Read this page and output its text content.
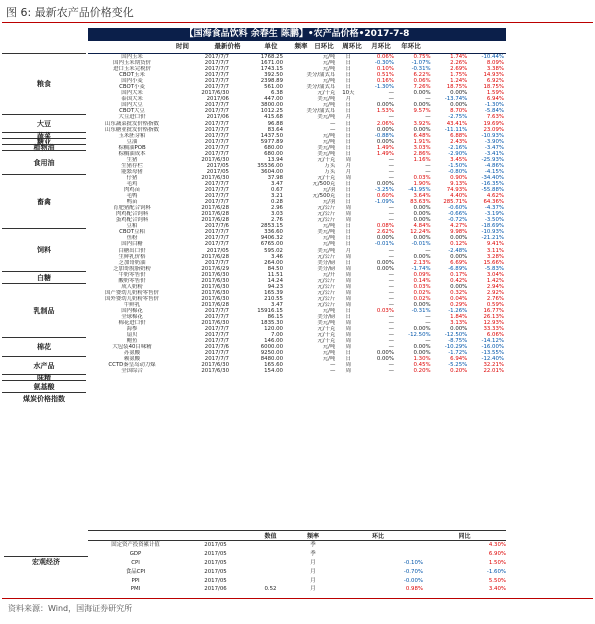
图 6: 最新农产品价格变化
【国海食品饮料 余春生 陈鹏】•农产品价格•2017-7-8
时间	最新价格	单位	频率	日环比	周环比	月环比	年环比
国内玉米	2017/7/7	1768.25	元/吨	日	0.06%	0.75%	1.74%	-10.44%
国内玉米期货价	2017/7/7	1671.00	元/吨	日	-0.30%	-1.07%	2.26%	8.09%
进口玉米完税价	2017/7/7	1743.15	元/吨	日	0.10%	-0.31%	2.69%	3.38%
CBOT玉米	2017/7/7	392.50	美分/蒲式耳	日	0.51%	6.22%	1.75%	14.93%
国内小麦	2017/7/7	2398.89	元/吨	日	0.16%	0.06%	1.24%	6.92%
CBOT小麦	2017/7/7	561.00	美分/蒲式耳	日	-1.30%	7.26%	18.75%	18.75%
国内大米	2017/6/30	6.38	元/千克	10天	—	0.00%	0.00%	1.59%
泰国大米	2017/06	447.00	美元/吨	月	—	—	-13.74%	6.94%
国内大豆	2017/7/7	3800.00	元/吨	日	0.00%	0.00%	0.00%	-1.30%
CBOT大豆	2017/7/7	1012.25	美分/蒲式耳	日	1.53%	9.57%	8.70%	-5.84%
大豆进口价	2017/06	415.68	美元/吨	月	—	—	-2.75%	7.63%
山东蔬菜批发价格指数	2017/7/7	96.88	—	日	2.06%	3.92%	43.41%	19.69%
山东糖业批发价格指数	2017/7/7	83.64	—	日	0.00%	0.00%	-11.11%	23.09%
玉米胚芽粕	2017/7/7	1437.50	元/吨	日	-0.88%	6.48%	6.88%	-10.93%
豆油	2017/7/7	5977.89	元/吨	日	0.00%	1.91%	2.43%	-3.90%
棕榈油POB	2017/7/7	680.00	美元/吨	日	1.49%	3.03%	-2.16%	-3.47%
棕榈油成本	2017/7/7	680.00	美元/吨	日	1.49%	2.86%	-2.90%	-3.41%
生猪	2017/6/30	13.94	元/千克	周	—	1.16%	3.45%	-25.93%
生猪存栏	2017/05	35536.00	万头	月	—	—	-1.50%	-4.86%
能繁母猪	2017/05	3604.00	万头	月	—	—	-0.80%	-4.15%
仔猪	2017/6/30	37.98	元/千克	周	—	0.03%	0.90%	-34.40%
毛鸡	2017/7/7	3.47	元/500克	日	0.00%	1.90%	9.13%	-16.35%
肉鸡苗	2017/7/7	0.67	元/羽	日	-3.25%	-41.95%	74.93%	-55.88%
毛鸭	2017/7/7	3.21	元/500克	日	0.60%	3.64%	4.40%	4.62%
鸭苗	2017/7/7	0.28	元/羽	日	-1.09%	83.63%	285.71%	64.36%
育肥猪配合饲料	2017/6/28	2.96	元/公斤	周	—	0.00%	-0.60%	-4.37%
肉鸡配合饲料	2017/6/28	3.03	元/公斤	周	—	0.00%	-0.66%	-3.19%
蛋鸡配合饲料	2017/6/28	2.76	元/公斤	周	—	0.00%	-0.72%	-3.50%
豆粕	2017/7/6	2853.15	元/吨	日	0.08%	4.84%	4.27%	-18.69%
CBOT豆粕	2017/7/7	336.60	美元/吨	日	2.62%	12.24%	9.98%	-10.93%
鱼粉	2017/7/7	9406.32	元/吨	日	0.00%	0.00%	0.00%	-21.21%
国内白糖	2017/7/7	6765.00	元/吨	日	-0.01%	-0.01%	0.12%	9.41%
白糖出口价	2017/05	595.02	美元/吨	月	—	—	-2.48%	3.11%
生鲜乳价格	2017/6/28	3.46	元/公斤	周	—	0.00%	0.00%	3.28%
芝加哥奶油	2017/7/7	264.00	美分/磅	日	0.00%	2.13%	6.69%	15.66%
芝加哥脱脂奶粉	2017/6/29	84.50	美分/磅	周	0.00%	-1.74%	-6.89%	-5.83%
牛奶零售价	2017/6/30	11.51	元/升	周	—	0.09%	0.17%	3.04%
酸奶零售价	2017/6/30	14.24	元/公斤	周	—	0.14%	0.42%	1.42%
成人奶粉	2017/6/30	94.23	元/公斤	周	—	0.03%	0.00%	2.94%
国产婴幼儿奶粉零售价	2017/6/30	165.39	元/公斤	周	—	0.02%	0.32%	2.92%
国外婴幼儿奶粉零售价	2017/6/30	210.55	元/公斤	周	—	0.02%	0.04%	2.76%
牛鲜乳	2017/6/28	3.47	元/公斤	周	—	0.00%	0.29%	0.59%
国内棉花	2017/7/7	15916.15	元/吨	日	0.03%	-0.31%	-1.26%	16.77%
全球棉花	2017/7/7	86.15	美分/磅	日	—	—	1.84%	26.13%
棉花进口价	2017/6/30	1835.30	美元/吨	周	—	—	3.13%	12.93%
海参	2017/7/7	120.00	元/千克	周	—	0.00%	0.00%	33.33%
扇贝	2017/7/7	7.00	元/千克	周	—	-12.50%	-12.50%	6.06%
鲍鱼	2017/7/7	146.00	元/千克	周	—	—	-8.75%	-14.12%
大包装40目味精	2017/7/6	6000.00	元/吨	周	—	0.00%	-10.29%	-16.00%
苏氨酸	2017/7/7	9250.00	元/吨	日	0.00%	0.00%	-1.72%	-13.55%
赖氨酸	2017/7/7	8480.00	元/吨	日	0.00%	1.30%	6.94%	-12.40%
CCTD秦皇岛动力煤	2017/6/30	165.60	—	周	—	0.45%	-5.25%	32.21%
全国综合	2017/6/30	154.00	—	周	—	0.20%	0.20%	22.01%
粮食
大豆
蔬菜
糖业
植物油
食用油
畜禽
饲料
白糖
乳制品
棉花
水产品
味精
氨基酸
煤炭价格指数
数值	频率	环比	同比
固定资产投资累计值	2017/05		季		4.30%
GDP	2017/05		季		6.90%
CPI	2017/05		月	-0.10%	1.50%
食品CPI	2017/05		月	-0.70%	-1.60%
PPI	2017/05		月	-0.00%	5.50%
PMI	2017/06	0.52	月	0.98%	3.40%
宏观经济
资料来源：Wind，国海证券研究所
